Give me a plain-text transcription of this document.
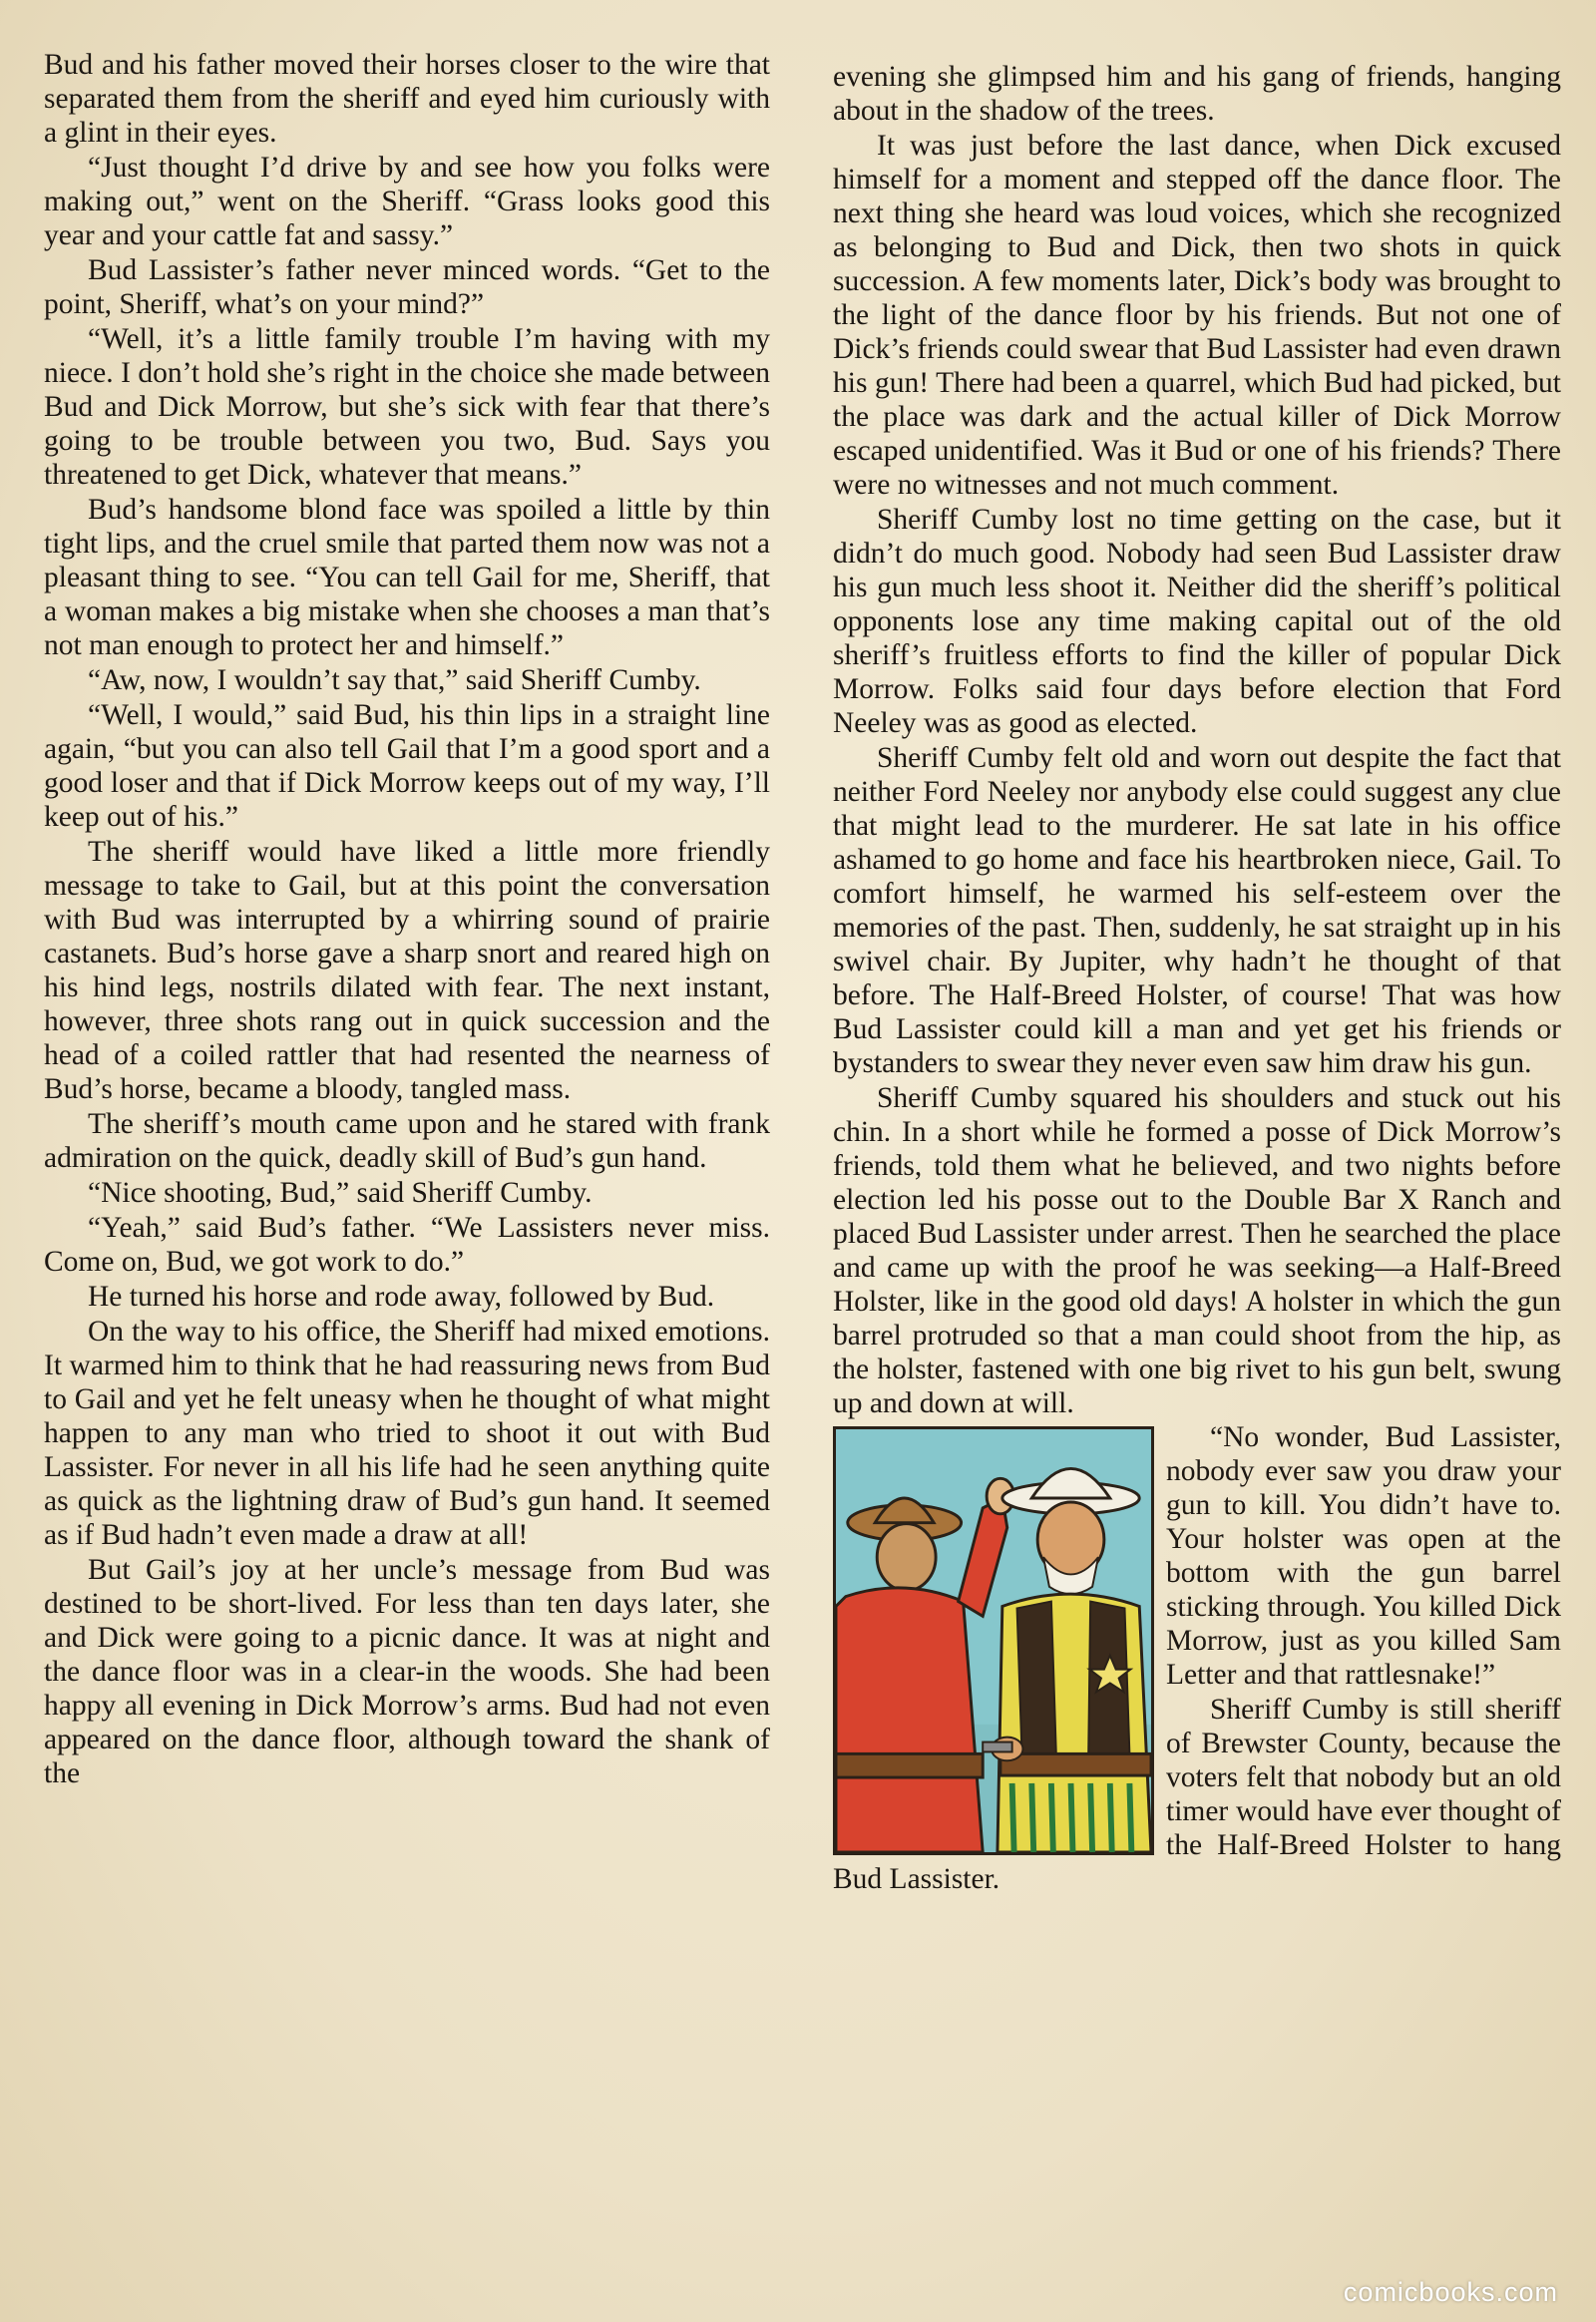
Bud and his father moved their horses closer to the wire that separated them from the sheriff and eyed him curiously with a glint in their eyes.

“Just thought I’d drive by and see how you folks were making out,” went on the Sheriff. “Grass looks good this year and your cattle fat and sassy.”

Bud Lassister’s father never minced words. “Get to the point, Sheriff, what’s on your mind?”

“Well, it’s a little family trouble I’m having with my niece. I don’t hold she’s right in the choice she made between Bud and Dick Morrow, but she’s sick with fear that there’s going to be trouble between you two, Bud. Says you threatened to get Dick, whatever that means.”

Bud’s handsome blond face was spoiled a little by thin tight lips, and the cruel smile that parted them now was not a pleasant thing to see. “You can tell Gail for me, Sheriff, that a woman makes a big mistake when she chooses a man that’s not man enough to protect her and himself.”

“Aw, now, I wouldn’t say that,” said Sheriff Cumby.

“Well, I would,” said Bud, his thin lips in a straight line again, “but you can also tell Gail that I’m a good sport and a good loser and that if Dick Morrow keeps out of my way, I’ll keep out of his.”

The sheriff would have liked a little more friendly message to take to Gail, but at this point the conversation with Bud was interrupted by a whirring sound of prairie castanets. Bud’s horse gave a sharp snort and reared high on his hind legs, nostrils dilated with fear. The next instant, however, three shots rang out in quick succession and the head of a coiled rattler that had resented the nearness of Bud’s horse, became a bloody, tangled mass.

The sheriff’s mouth came upon and he stared with frank admiration on the quick, deadly skill of Bud’s gun hand.

“Nice shooting, Bud,” said Sheriff Cumby.

“Yeah,” said Bud’s father. “We Lassisters never miss. Come on, Bud, we got work to do.”

He turned his horse and rode away, followed by Bud.

On the way to his office, the Sheriff had mixed emotions. It warmed him to think that he had reassuring news from Bud to Gail and yet he felt uneasy when he thought of what might happen to any man who tried to shoot it out with Bud Lassister. For never in all his life had he seen anything quite as quick as the lightning draw of Bud’s gun hand. It seemed as if Bud hadn’t even made a draw at all!

But Gail’s joy at her uncle’s message from Bud was destined to be short-lived. For less than ten days later, she and Dick were going to a picnic dance. It was at night and the dance floor was in a clear-in the woods. She had been happy all evening in Dick Morrow’s arms. Bud had not even appeared on the dance floor, although toward the shank of the

evening she glimpsed him and his gang of friends, hanging about in the shadow of the trees.

It was just before the last dance, when Dick excused himself for a moment and stepped off the dance floor. The next thing she heard was loud voices, which she recognized as belonging to Bud and Dick, then two shots in quick succession. A few moments later, Dick’s body was brought to the light of the dance floor by his friends. But not one of Dick’s friends could swear that Bud Lassister had even drawn his gun! There had been a quarrel, which Bud had picked, but the place was dark and the actual killer of Dick Morrow escaped unidentified. Was it Bud or one of his friends? There were no witnesses and not much comment.

Sheriff Cumby lost no time getting on the case, but it didn’t do much good. Nobody had seen Bud Lassister draw his gun much less shoot it. Neither did the sheriff’s political opponents lose any time making capital out of the old sheriff’s fruitless efforts to find the killer of popular Dick Morrow. Folks said four days before election that Ford Neeley was as good as elected.

Sheriff Cumby felt old and worn out despite the fact that neither Ford Neeley nor anybody else could suggest any clue that might lead to the murderer. He sat late in his office ashamed to go home and face his heartbroken niece, Gail. To comfort himself, he warmed his self-esteem over the memories of the past. Then, suddenly, he sat straight up in his swivel chair. By Jupiter, why hadn’t he thought of that before. The Half-Breed Holster, of course! That was how Bud Lassister could kill a man and yet get his friends or bystanders to swear they never even saw him draw his gun.

Sheriff Cumby squared his shoulders and stuck out his chin. In a short while he formed a posse of Dick Morrow’s friends, told them what he believed, and two nights before election led his posse out to the Double Bar X Ranch and placed Bud Lassister under arrest. Then he searched the place and came up with the proof he was seeking—a Half-Breed Holster, like in the good old days! A holster in which the gun barrel protruded so that a man could shoot from the hip, as the holster, fastened with one big rivet to his gun belt, swung up and down at will.

“No wonder, Bud Lassister, nobody ever saw you draw your gun to kill. You didn’t have to. Your holster was open at the bottom with the gun barrel sticking through. You killed Dick Morrow, just as you killed Sam Letter and that rattlesnake!”

Sheriff Cumby is still sheriff of Brewster County, because the voters felt that nobody but an old timer would have ever thought of the Half-Breed Holster to hang Bud Lassister.

comicbooks.com
